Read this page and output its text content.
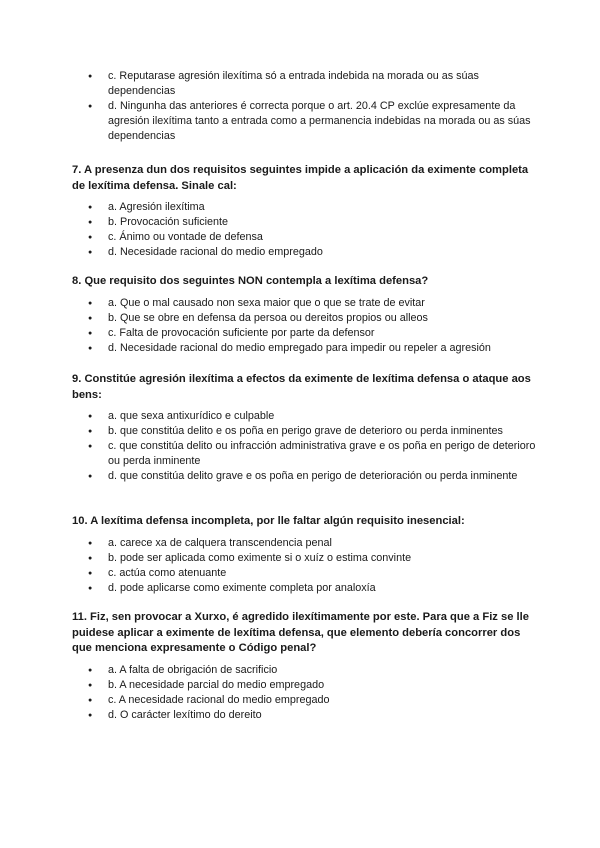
● c. Reputarase agresión ilexítima só a entrada indebida na morada ou as súas dependencias
● d. Ningunha das anteriores é correcta porque o art. 20.4 CP exclúe expresamente da agresión ilexítima tanto a entrada como a permanencia indebidas na morada ou as súas dependencias

7. A presenza dun dos requisitos seguintes impide a aplicación da eximente completa de lexítima defensa. Sinale cal:

● a. Agresión ilexítima
● b. Provocación suficiente
● c. Ánimo ou vontade de defensa
● d. Necesidade racional do medio empregado

8. Que requisito dos seguintes NON contempla a lexítima defensa?

● a. Que o mal causado non sexa maior que o que se trate de evitar
● b. Que se obre en defensa da persoa ou dereitos propios ou alleos
● c. Falta de provocación suficiente por parte da defensor
● d. Necesidade racional do medio empregado para impedir ou repeler a agresión

9. Constitúe agresión ilexítima a efectos da eximente de lexítima defensa o ataque aos bens:

● a. que sexa antixurídico e culpable
● b. que constitúa delito e os poña en perigo grave de deterioro ou perda inminentes
● c. que constitúa delito ou infracción administrativa grave e os poña en perigo de deterioro ou perda inminente
● d. que constitúa delito grave e os poña en perigo de deterioración ou perda inminente

10. A lexítima defensa incompleta, por lle faltar algún requisito inesencial:

● a. carece xa de calquera transcendencia penal
● b. pode ser aplicada como eximente si o xuíz o estima convinte
● c. actúa como atenuante
● d. pode aplicarse como eximente completa por analoxía

11. Fiz, sen provocar a Xurxo, é agredido ilexítimamente por este. Para que a Fiz se lle puidese aplicar a eximente de lexítima defensa, que elemento debería concorrer dos que menciona expresamente o Código penal?

● a. A falta de obrigación de sacrificio
● b. A necesidade parcial do medio empregado
● c. A necesidade racional do medio empregado
● d. O carácter lexítimo do dereito
